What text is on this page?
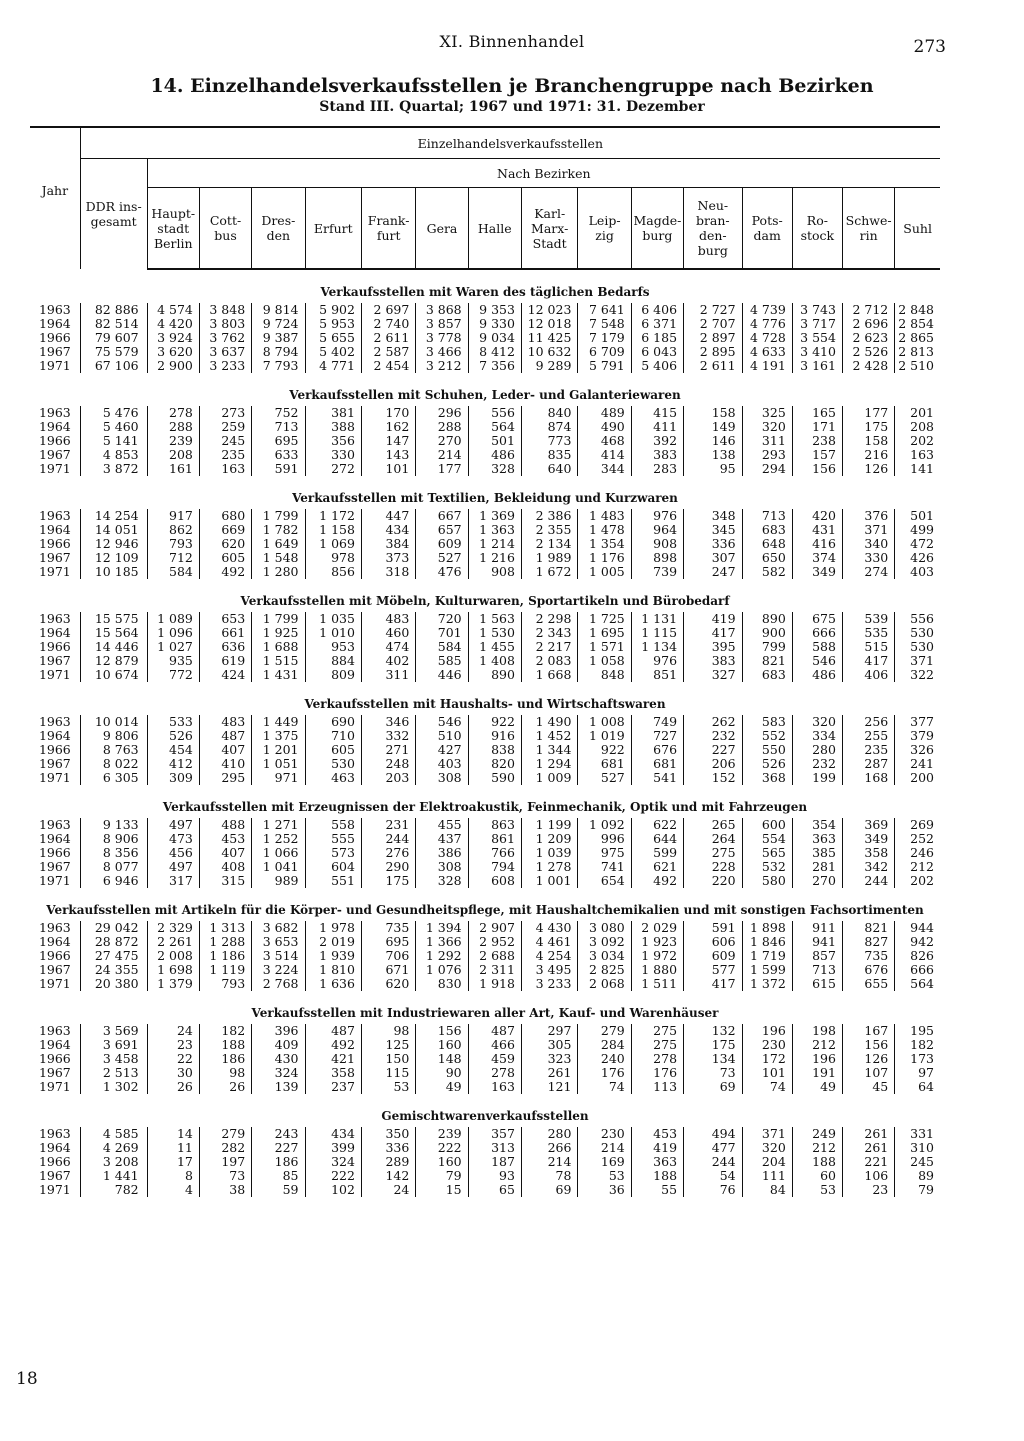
XI. Binnenhandel	273
14. Einzelhandelsverkaufsstellen je Branchengruppe nach Bezirken
Stand III. Quartal; 1967 und 1971: 31. Dezember
Jahr	Einzelhandelsverkaufsstellen															
	DDR ins-gesamt	Nach Bezirken														
		Haupt-stadt Berlin	Cott-bus	Dres-den	Erfurt	Frank-furt	Gera	Halle	Karl-Marx-Stadt	Leip-zig	Magde-burg	Neu-bran-den-burg	Pots-dam	Ro-stock	Schwe-rin	Suhl
Verkaufsstellen mit Waren des täglichen Bedarfs																
1963	82 886	4 574	3 848	9 814	5 902	2 697	3 868	9 353	12 023	7 641	6 406	2 727	4 739	3 743	2 712	2 848
1964	82 514	4 420	3 803	9 724	5 953	2 740	3 857	9 330	12 018	7 548	6 371	2 707	4 776	3 717	2 696	2 854
1966	79 607	3 924	3 762	9 387	5 655	2 611	3 778	9 034	11 425	7 179	6 185	2 897	4 728	3 554	2 623	2 865
1967	75 579	3 620	3 637	8 794	5 402	2 587	3 466	8 412	10 632	6 709	6 043	2 895	4 633	3 410	2 526	2 813
1971	67 106	2 900	3 233	7 793	4 771	2 454	3 212	7 356	9 289	5 791	5 406	2 611	4 191	3 161	2 428	2 510
Verkaufsstellen mit Schuhen, Leder- und Galanteriewaren																
1963	5 476	278	273	752	381	170	296	556	840	489	415	158	325	165	177	201
1964	5 460	288	259	713	388	162	288	564	874	490	411	149	320	171	175	208
1966	5 141	239	245	695	356	147	270	501	773	468	392	146	311	238	158	202
1967	4 853	208	235	633	330	143	214	486	835	414	383	138	293	157	216	163
1971	3 872	161	163	591	272	101	177	328	640	344	283	95	294	156	126	141
Verkaufsstellen mit Textilien, Bekleidung und Kurzwaren																
1963	14 254	917	680	1 799	1 172	447	667	1 369	2 386	1 483	976	348	713	420	376	501
1964	14 051	862	669	1 782	1 158	434	657	1 363	2 355	1 478	964	345	683	431	371	499
1966	12 946	793	620	1 649	1 069	384	609	1 214	2 134	1 354	908	336	648	416	340	472
1967	12 109	712	605	1 548	978	373	527	1 216	1 989	1 176	898	307	650	374	330	426
1971	10 185	584	492	1 280	856	318	476	908	1 672	1 005	739	247	582	349	274	403
Verkaufsstellen mit Möbeln, Kulturwaren, Sportartikeln und Bürobedarf																
1963	15 575	1 089	653	1 799	1 035	483	720	1 563	2 298	1 725	1 131	419	890	675	539	556
1964	15 564	1 096	661	1 925	1 010	460	701	1 530	2 343	1 695	1 115	417	900	666	535	530
1966	14 446	1 027	636	1 688	953	474	584	1 455	2 217	1 571	1 134	395	799	588	515	530
1967	12 879	935	619	1 515	884	402	585	1 408	2 083	1 058	976	383	821	546	417	371
1971	10 674	772	424	1 431	809	311	446	890	1 668	848	851	327	683	486	406	322
Verkaufsstellen mit Haushalts- und Wirtschaftswaren																
1963	10 014	533	483	1 449	690	346	546	922	1 490	1 008	749	262	583	320	256	377
1964	9 806	526	487	1 375	710	332	510	916	1 452	1 019	727	232	552	334	255	379
1966	8 763	454	407	1 201	605	271	427	838	1 344	922	676	227	550	280	235	326
1967	8 022	412	410	1 051	530	248	403	820	1 294	681	681	206	526	232	287	241
1971	6 305	309	295	971	463	203	308	590	1 009	527	541	152	368	199	168	200
Verkaufsstellen mit Erzeugnissen der Elektroakustik, Feinmechanik, Optik und mit Fahrzeugen																
1963	9 133	497	488	1 271	558	231	455	863	1 199	1 092	622	265	600	354	369	269
1964	8 906	473	453	1 252	555	244	437	861	1 209	996	644	264	554	363	349	252
1966	8 356	456	407	1 066	573	276	386	766	1 039	975	599	275	565	385	358	246
1967	8 077	497	408	1 041	604	290	308	794	1 278	741	621	228	532	281	342	212
1971	6 946	317	315	989	551	175	328	608	1 001	654	492	220	580	270	244	202
Verkaufsstellen mit Artikeln für die Körper- und Gesundheitspflege, mit Haushaltchemikalien und mit sonstigen Fachsortimenten																
1963	29 042	2 329	1 313	3 682	1 978	735	1 394	2 907	4 430	3 080	2 029	591	1 898	911	821	944
1964	28 872	2 261	1 288	3 653	2 019	695	1 366	2 952	4 461	3 092	1 923	606	1 846	941	827	942
1966	27 475	2 008	1 186	3 514	1 939	706	1 292	2 688	4 254	3 034	1 972	609	1 719	857	735	826
1967	24 355	1 698	1 119	3 224	1 810	671	1 076	2 311	3 495	2 825	1 880	577	1 599	713	676	666
1971	20 380	1 379	793	2 768	1 636	620	830	1 918	3 233	2 068	1 511	417	1 372	615	655	564
Verkaufsstellen mit Industriewaren aller Art, Kauf- und Warenhäuser																
1963	3 569	24	182	396	487	98	156	487	297	279	275	132	196	198	167	195
1964	3 691	23	188	409	492	125	160	466	305	284	275	175	230	212	156	182
1966	3 458	22	186	430	421	150	148	459	323	240	278	134	172	196	126	173
1967	2 513	30	98	324	358	115	90	278	261	176	176	73	101	191	107	97
1971	1 302	26	26	139	237	53	49	163	121	74	113	69	74	49	45	64
Gemischtwarenverkaufsstellen																
1963	4 585	14	279	243	434	350	239	357	280	230	453	494	371	249	261	331
1964	4 269	11	282	227	399	336	222	313	266	214	419	477	320	212	261	310
1966	3 208	17	197	186	324	289	160	187	214	169	363	244	204	188	221	245
1967	1 441	8	73	85	222	142	79	93	78	53	188	54	111	60	106	89
1971	782	4	38	59	102	24	15	65	69	36	55	76	84	53	23	79
18
